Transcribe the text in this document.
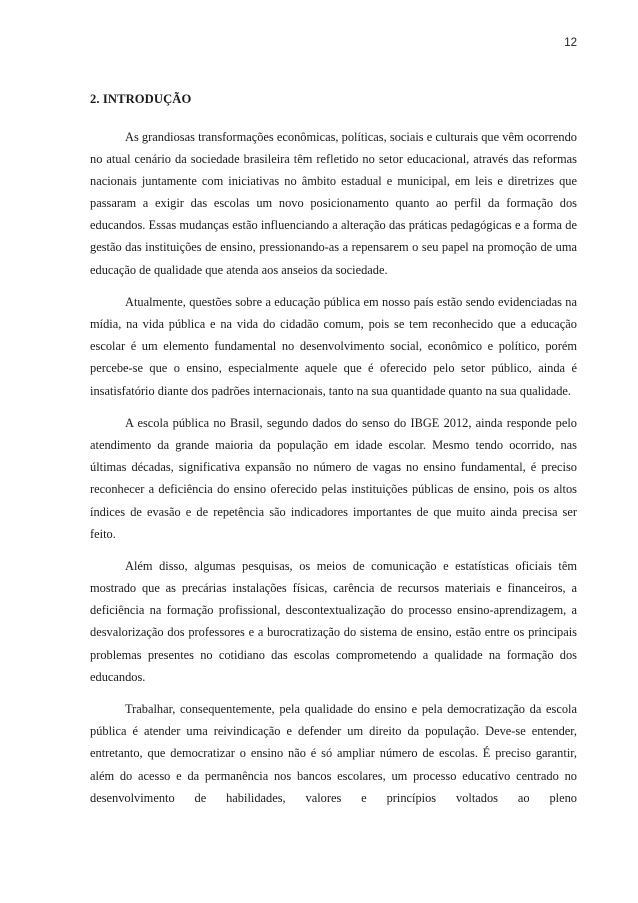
12
2. INTRODUÇÃO

As grandiosas transformações econômicas, políticas, sociais e culturais que vêm ocorrendo no atual cenário da sociedade brasileira têm refletido no setor educacional, através das reformas nacionais juntamente com iniciativas no âmbito estadual e municipal, em leis e diretrizes que passaram a exigir das escolas um novo posicionamento quanto ao perfil da formação dos educandos. Essas mudanças estão influenciando a alteração das práticas pedagógicas e a forma de gestão das instituições de ensino, pressionando-as a repensarem o seu papel na promoção de uma educação de qualidade que atenda aos anseios da sociedade.

Atualmente, questões sobre a educação pública em nosso país estão sendo evidenciadas na mídia, na vida pública e na vida do cidadão comum, pois se tem reconhecido que a educação escolar é um elemento fundamental no desenvolvimento social, econômico e político, porém percebe-se que o ensino, especialmente aquele que é oferecido pelo setor público, ainda é insatisfatório diante dos padrões internacionais, tanto na sua quantidade quanto na sua qualidade.

A escola pública no Brasil, segundo dados do senso do IBGE 2012, ainda responde pelo atendimento da grande maioria da população em idade escolar. Mesmo tendo ocorrido, nas últimas décadas, significativa expansão no número de vagas no ensino fundamental, é preciso reconhecer a deficiência do ensino oferecido pelas instituições públicas de ensino, pois os altos índices de evasão e de repetência são indicadores importantes de que muito ainda precisa ser feito.

Além disso, algumas pesquisas, os meios de comunicação e estatísticas oficiais têm mostrado que as precárias instalações físicas, carência de recursos materiais e financeiros, a deficiência na formação profissional, descontextualização do processo ensino-aprendizagem, a desvalorização dos professores e a burocratização do sistema de ensino, estão entre os principais problemas presentes no cotidiano das escolas comprometendo a qualidade na formação dos educandos.

Trabalhar, consequentemente, pela qualidade do ensino e pela democratização da escola pública é atender uma reivindicação e defender um direito da população. Deve-se entender, entretanto, que democratizar o ensino não é só ampliar número de escolas. É preciso garantir, além do acesso e da permanência nos bancos escolares, um processo educativo centrado no desenvolvimento de habilidades, valores e princípios voltados ao pleno
